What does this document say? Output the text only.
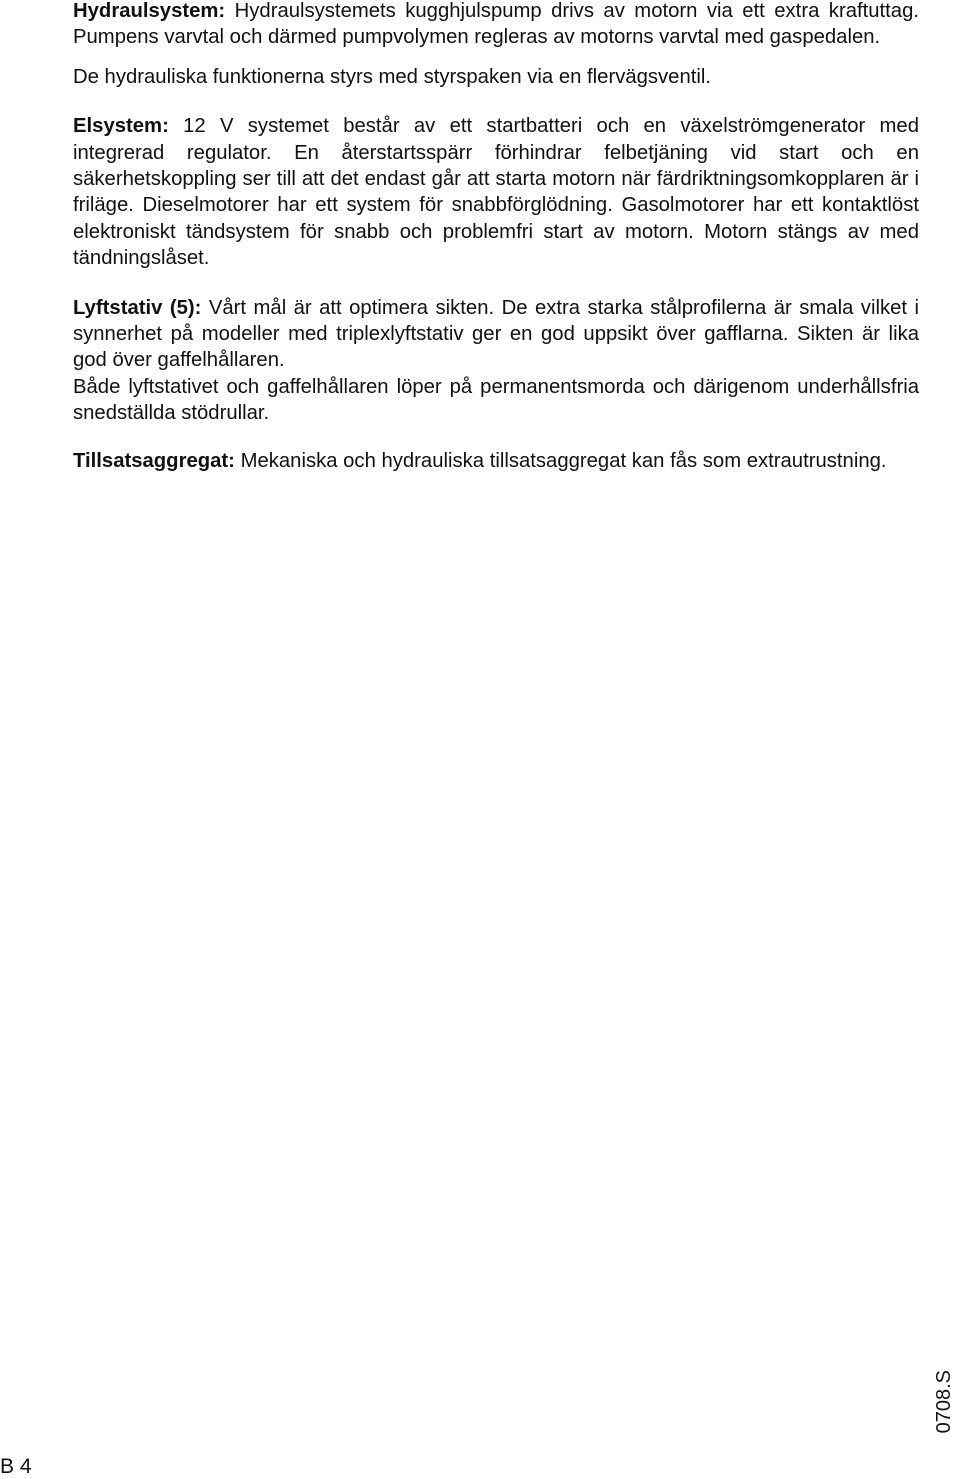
Hydraulsystem: Hydraulsystemets kugghjulspump drivs av motorn via ett extra kraftuttag. Pumpens varvtal och därmed pumpvolymen regleras av motorns varvtal med gaspedalen.

De hydrauliska funktionerna styrs med styrspaken via en flervägsventil.

Elsystem: 12 V systemet består av ett startbatteri och en växelströmgenerator med integrerad regulator. En återstartsspärr förhindrar felbetjäning vid start och en säkerhetskoppling ser till att det endast går att starta motorn när färdriktningsomkopplaren är i friläge. Dieselmotorer har ett system för snabbförglödning. Gasolmotorer har ett kontaktlöst elektroniskt tändsystem för snabb och problemfri start av motorn. Motorn stängs av med tändningslåset.

Lyftstativ (5): Vårt mål är att optimera sikten. De extra starka stålprofilerna är smala vilket i synnerhet på modeller med triplexlyftstativ ger en god uppsikt över gafflarna. Sikten är lika god över gaffelhållaren.

Både lyftstativet och gaffelhållaren löper på permanentsmorda och därigenom underhållsfria snedställda stödrullar.

Tillsatsaggregat: Mekaniska och hydrauliska tillsatsaggregat kan fås som extrautrustning.

0708.S
B 4
